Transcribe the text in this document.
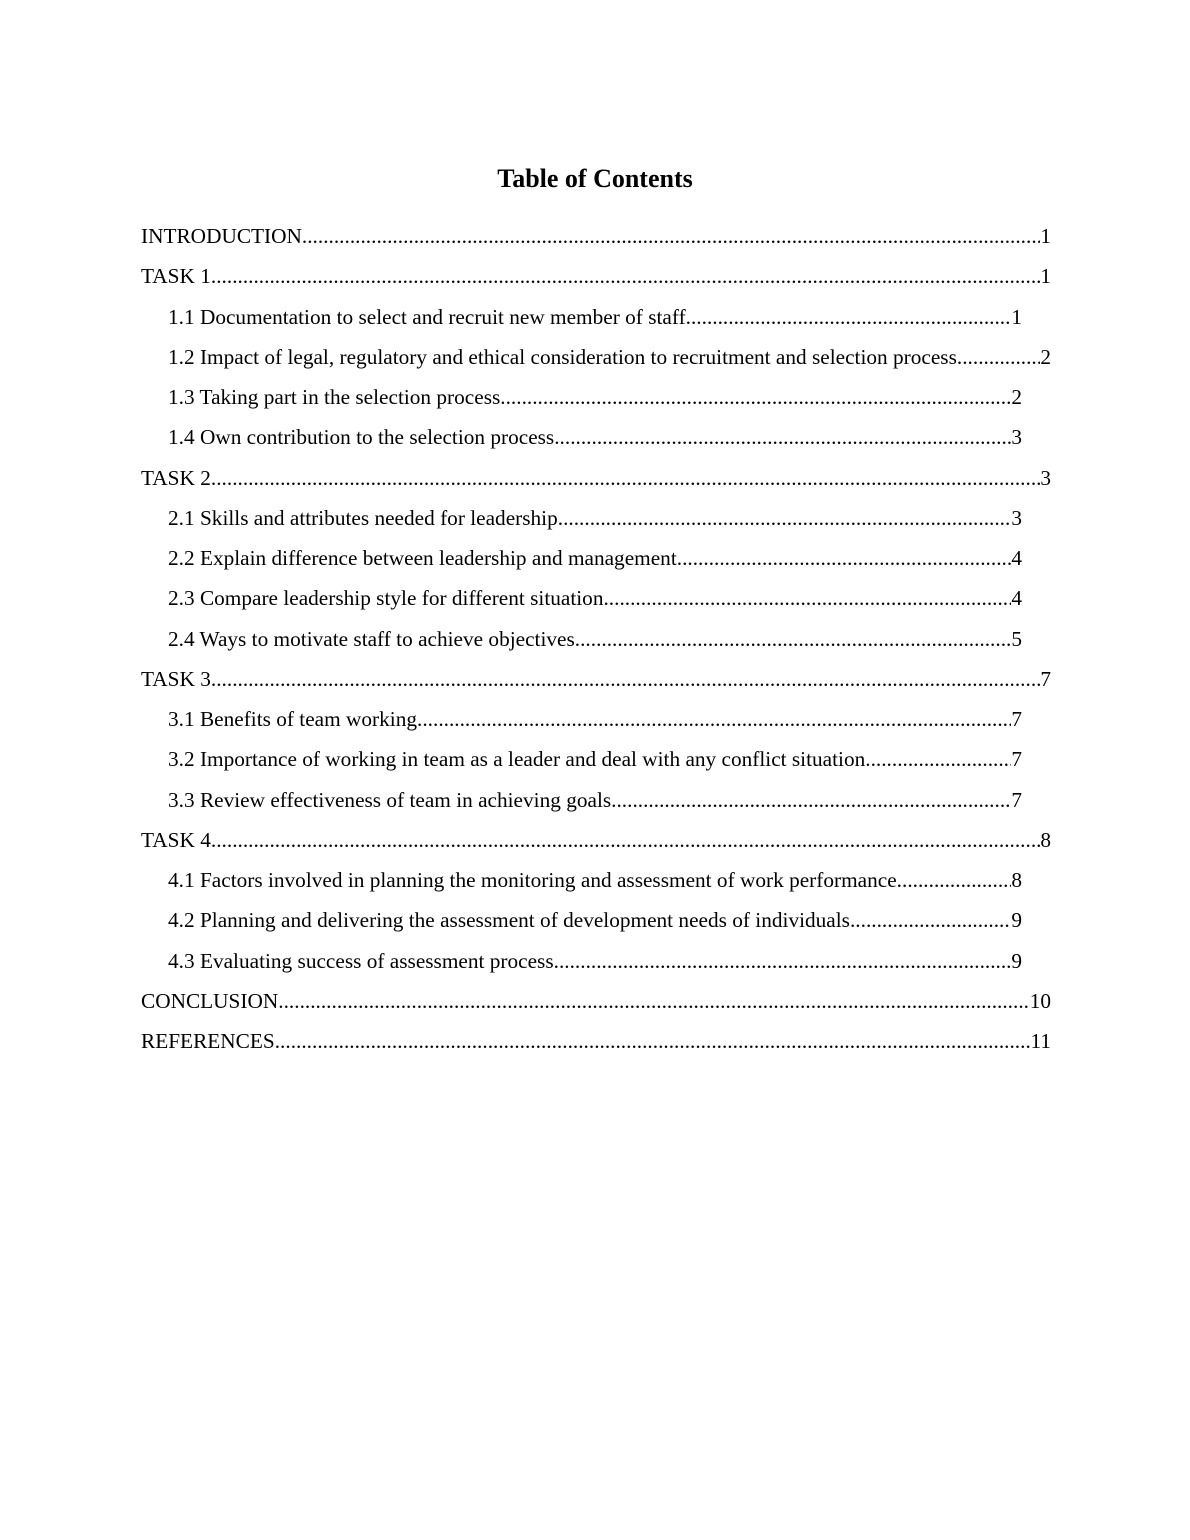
Table of Contents
INTRODUCTION .....	1
TASK 1 .....	1
1.1 Documentation to select and recruit new member of staff .....	1
1.2 Impact of legal, regulatory and ethical consideration to recruitment and selection process .....	2
1.3 Taking part in the selection process .....	2
1.4 Own contribution to the selection process .....	3
TASK 2 .....	3
2.1 Skills and attributes needed for leadership .....	3
2.2 Explain difference between leadership and management .....	4
2.3 Compare leadership style for different situation .....	4
2.4 Ways to motivate staff to achieve objectives .....	5
TASK 3 .....	7
3.1 Benefits of team working .....	7
3.2 Importance of working in team as a leader and deal with any conflict situation .....	7
3.3 Review effectiveness of team in achieving goals .....	7
TASK 4 .....	8
4.1 Factors involved in planning the monitoring and assessment of work performance .....	8
4.2 Planning and delivering the assessment of development needs of individuals .....	9
4.3 Evaluating success of assessment process .....	9
CONCLUSION .....	10
REFERENCES .....	11
